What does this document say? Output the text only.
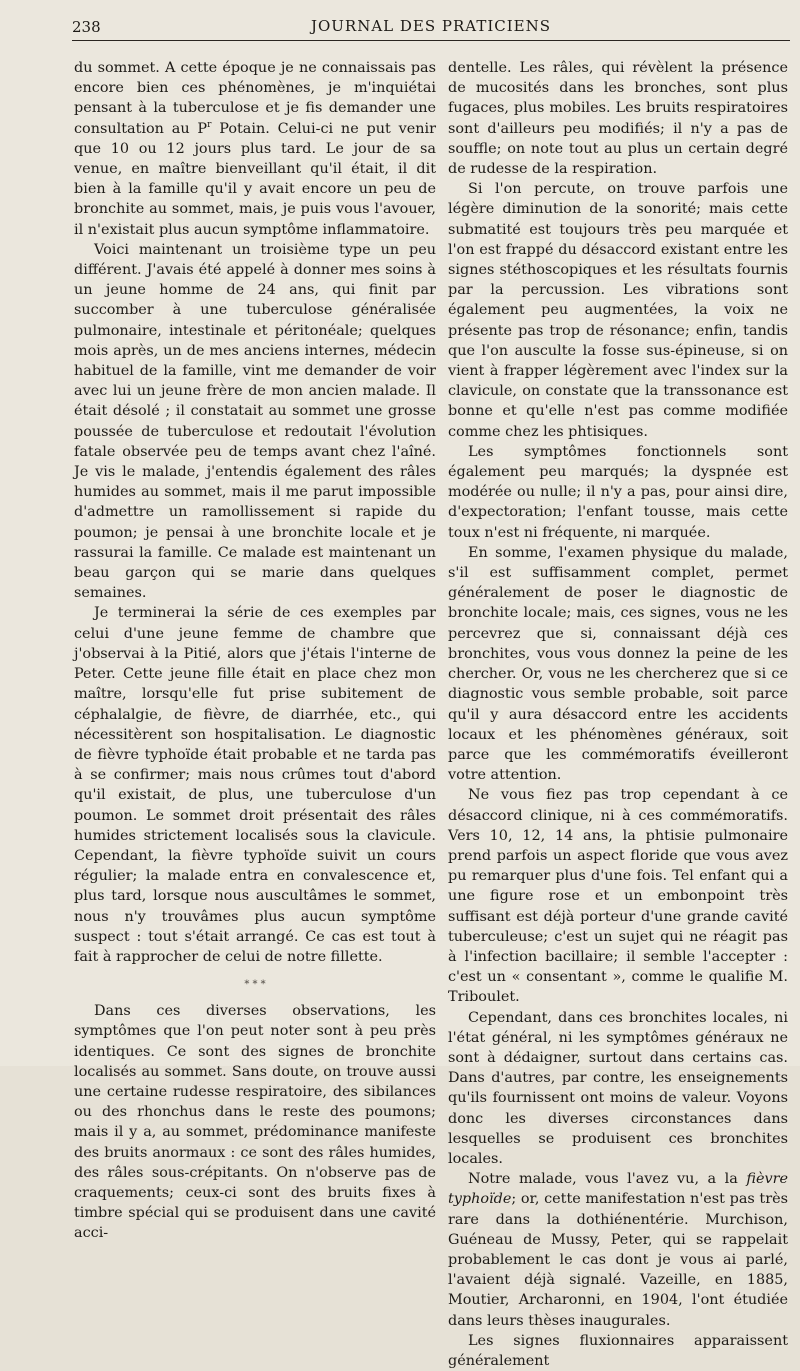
238	JOURNAL DES PRATICIENS

du sommet. A cette époque je ne connaissais pas encore bien ces phénomènes, je m'inquiétai pensant à la tuberculose et je fis demander une consultation au $P^r$ Potain. Celui-ci ne put venir que 10 ou 12 jours plus tard. Le jour de sa venue, en maître bienveillant qu'il était, il dit bien à la famille qu'il y avait encore un peu de bronchite au sommet, mais, je puis vous l'avouer, il n'existait plus aucun symptôme inflammatoire.

Voici maintenant un troisième type un peu différent. J'avais été appelé à donner mes soins à un jeune homme de 24 ans, qui finit par succomber à une tuberculose généralisée pulmonaire, intestinale et péritonéale; quelques mois après, un de mes anciens internes, médecin habituel de la famille, vint me demander de voir avec lui un jeune frère de mon ancien malade. Il était désolé ; il constatait au sommet une grosse poussée de tuberculose et redoutait l'évolution fatale observée peu de temps avant chez l'aîné. Je vis le malade, j'entendis également des râles humides au sommet, mais il me parut impossible d'admettre un ramollissement si rapide du poumon; je pensai à une bronchite locale et je rassurai la famille. Ce malade est maintenant un beau garçon qui se marie dans quelques semaines.

Je terminerai la série de ces exemples par celui d'une jeune femme de chambre que j'observai à la Pitié, alors que j'étais l'interne de Peter. Cette jeune fille était en place chez mon maître, lorsqu'elle fut prise subitement de céphalalgie, de fièvre, de diarrhée, etc., qui nécessitèrent son hospitalisation. Le diagnostic de fièvre typhoïde était probable et ne tarda pas à se confirmer; mais nous crûmes tout d'abord qu'il existait, de plus, une tuberculose d'un poumon. Le sommet droit présentait des râles humides strictement localisés sous la clavicule. Cependant, la fièvre typhoïde suivit un cours régulier; la malade entra en convalescence et, plus tard, lorsque nous auscultâmes le sommet, nous n'y trouvâmes plus aucun symptôme suspect : tout s'était arrangé. Ce cas est tout à fait à rapprocher de celui de notre fillette.

* * *

Dans ces diverses observations, les symptômes que l'on peut noter sont à peu près identiques. Ce sont des signes de bronchite localisés au sommet. Sans doute, on trouve aussi une certaine rudesse respiratoire, des sibilances ou des rhonchus dans le reste des poumons; mais il y a, au sommet, prédominance manifeste des bruits anormaux : ce sont des râles humides, des râles sous-crépitants. On n'observe pas de craquements; ceux-ci sont des bruits fixes à timbre spécial qui se produisent dans une cavité acci-

dentelle. Les râles, qui révèlent la présence de mucosités dans les bronches, sont plus fugaces, plus mobiles. Les bruits respiratoires sont d'ailleurs peu modifiés; il n'y a pas de souffle; on note tout au plus un certain degré de rudesse de la respiration.

Si l'on percute, on trouve parfois une légère diminution de la sonorité; mais cette submatité est toujours très peu marquée et l'on est frappé du désaccord existant entre les signes stéthoscopiques et les résultats fournis par la percussion. Les vibrations sont également peu augmentées, la voix ne présente pas trop de résonance; enfin, tandis que l'on ausculte la fosse sus-épineuse, si on vient à frapper légèrement avec l'index sur la clavicule, on constate que la transsonance est bonne et qu'elle n'est pas comme modifiée comme chez les phtisiques.

Les symptômes fonctionnels sont également peu marqués; la dyspnée est modérée ou nulle; il n'y a pas, pour ainsi dire, d'expectoration; l'enfant tousse, mais cette toux n'est ni fréquente, ni marquée.

En somme, l'examen physique du malade, s'il est suffisamment complet, permet généralement de poser le diagnostic de bronchite locale; mais, ces signes, vous ne les percevrez que si, connaissant déjà ces bronchites, vous vous donnez la peine de les chercher. Or, vous ne les chercherez que si ce diagnostic vous semble probable, soit parce qu'il y aura désaccord entre les accidents locaux et les phénomènes généraux, soit parce que les commémoratifs éveilleront votre attention.

Ne vous fiez pas trop cependant à ce désaccord clinique, ni à ces commémoratifs. Vers 10, 12, 14 ans, la phtisie pulmonaire prend parfois un aspect floride que vous avez pu remarquer plus d'une fois. Tel enfant qui a une figure rose et un embonpoint très suffisant est déjà porteur d'une grande cavité tuberculeuse; c'est un sujet qui ne réagit pas à l'infection bacillaire; il semble l'accepter : c'est un « consentant », comme le qualifie M. Triboulet.

Cependant, dans ces bronchites locales, ni l'état général, ni les symptômes généraux ne sont à dédaigner, surtout dans certains cas. Dans d'autres, par contre, les enseignements qu'ils fournissent ont moins de valeur. Voyons donc les diverses circonstances dans lesquelles se produisent ces bronchites locales.

Notre malade, vous l'avez vu, a la fièvre typhoïde; or, cette manifestation n'est pas très rare dans la dothiénentérie. Murchison, Guéneau de Mussy, Peter, qui se rappelait probablement le cas dont je vous ai parlé, l'avaient déjà signalé. Vazeille, en 1885, Moutier, Archaronni, en 1904, l'ont étudiée dans leurs thèses inaugurales.

Les signes fluxionnaires apparaissent généralement
